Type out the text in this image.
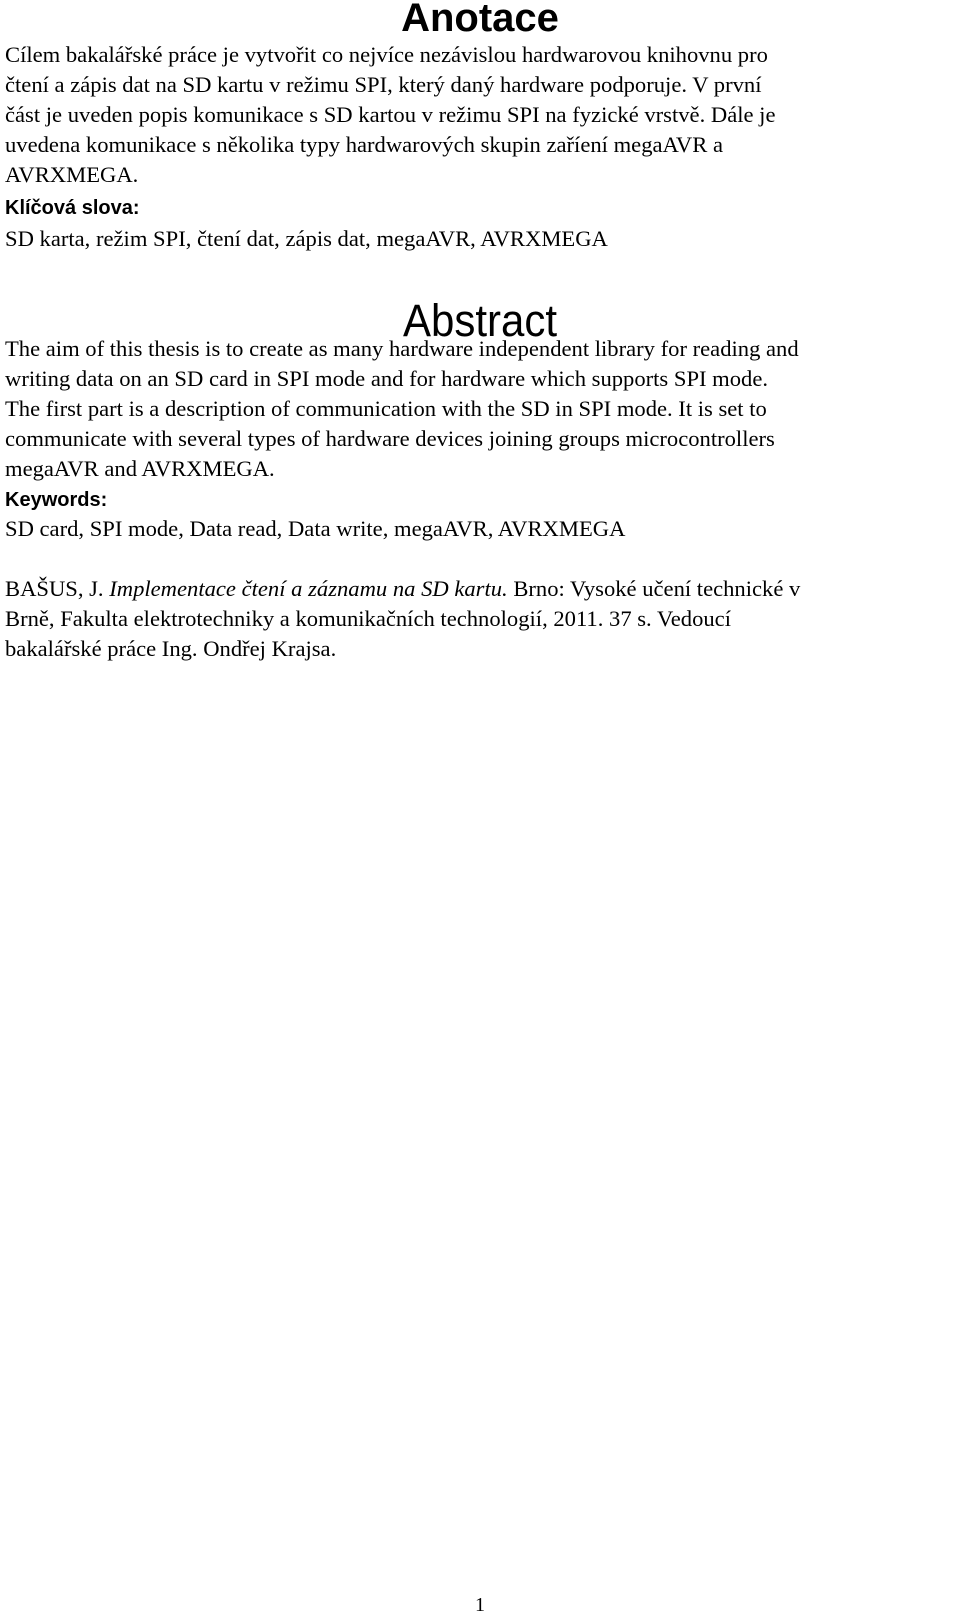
Anotace

Cílem bakalářské práce je vytvořit co nejvíce nezávislou hardwarovou knihovnu pro

čtení a zápis dat na SD kartu v režimu SPI, který daný hardware podporuje. V první

část je uveden popis komunikace s SD kartou v režimu SPI na fyzické vrstvě. Dále je

uvedena komunikace s několika typy hardwarových skupin zaříení megaAVR a

AVRXMEGA.

Klíčová slova:

SD karta, režim SPI, čtení dat, zápis dat, megaAVR, AVRXMEGA

Abstract

The aim of this thesis is to create as many hardware independent library for reading and

writing data on an SD card in SPI mode and for hardware which supports SPI mode.

The first part is a description of communication with the SD in SPI mode. It is set to

communicate with several types of hardware devices joining groups microcontrollers

megaAVR and AVRXMEGA.

Keywords:

SD card, SPI mode, Data read, Data write, megaAVR, AVRXMEGA

BAŠUS, J. Implementace čtení a záznamu na SD kartu. Brno: Vysoké učení technické v

Brně, Fakulta elektrotechniky a komunikačních technologií, 2011. 37 s. Vedoucí

bakalářské práce Ing. Ondřej Krajsa.

1
